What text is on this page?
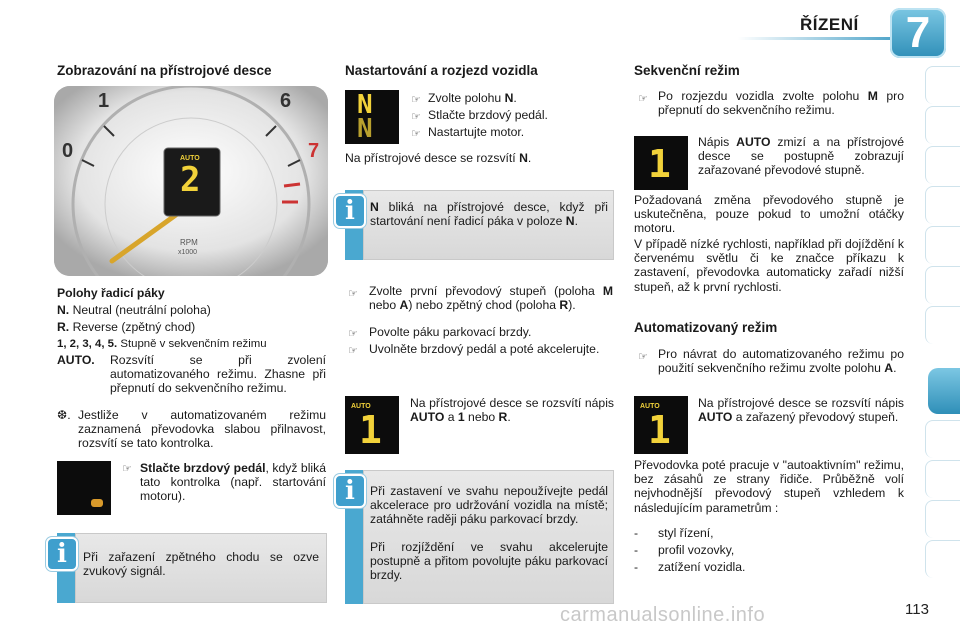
ŘÍZENÍ	7
Zobrazování na přístrojové desce
1
0
6
7
AUTO
2
RPM
x1000
Polohy řadicí páky
N. Neutral (neutrální poloha)
R. Reverse (zpětný chod)
1, 2, 3, 4, 5. Stupně v sekvenčním režimu
AUTO. Rozsvítí se při zvolení automatizovaného režimu. Zhasne při přepnutí do sekvenčního režimu.
❆. Jestliže v automatizovaném režimu zaznamená převodovka slabou přilnavost, rozsvítí se tato kontrolka.
☞ Stlačte brzdový pedál, když bliká tato kontrolka (např. startování motoru).
i	Při zařazení zpětného chodu se ozve zvukový signál.
Nastartování a rozjezd vozidla
N
N
☞ Zvolte polohu N.
☞ Stlačte brzdový pedál.
☞ Nastartujte motor.
Na přístrojové desce se rozsvítí N.
i	N bliká na přístrojové desce, když při startování není řadicí páka v poloze N.
☞ Zvolte první převodový stupeň (poloha M nebo A) nebo zpětný chod (poloha R).
☞ Povolte páku parkovací brzdy.
☞ Uvolněte brzdový pedál a poté akcelerujte.
AUTO
1
Na přístrojové desce se rozsvítí nápis AUTO a 1 nebo R.
i	Při zastavení ve svahu nepoužívejte pedál akcelerace pro udržování vozidla na místě; zatáhněte raději páku parkovací brzdy.
Při rozjíždění ve svahu akcelerujte postupně a přitom povolujte páku parkovací brzdy.
Sekvenční režim
☞ Po rozjezdu vozidla zvolte polohu M pro přepnutí do sekvenčního režimu.
1 Nápis AUTO zmizí a na přístrojové desce se postupně zobrazují zařazované převodové stupně.
Požadovaná změna převodového stupně je uskutečněna, pouze pokud to umožní otáčky motoru.
V případě nízké rychlosti, například při dojíždění k červenému světlu či ke značce příkazu k zastavení, převodovka automaticky zařadí nižší stupeň, až k první rychlosti.
Automatizovaný režim
☞ Pro návrat do automatizovaného režimu po použití sekvenčního režimu zvolte polohu A.
AUTO
1
Na přístrojové desce se rozsvítí nápis AUTO a zařazený převodový stupeň.
Převodovka poté pracuje v "autoaktivním" režimu, bez zásahů ze strany řidiče. Průběžně volí nejvhodnější převodový stupeň vzhledem k následujícím parametrům :
- styl řízení,
- profil vozovky,
- zatížení vozidla.
carmanualsonline.info	113
